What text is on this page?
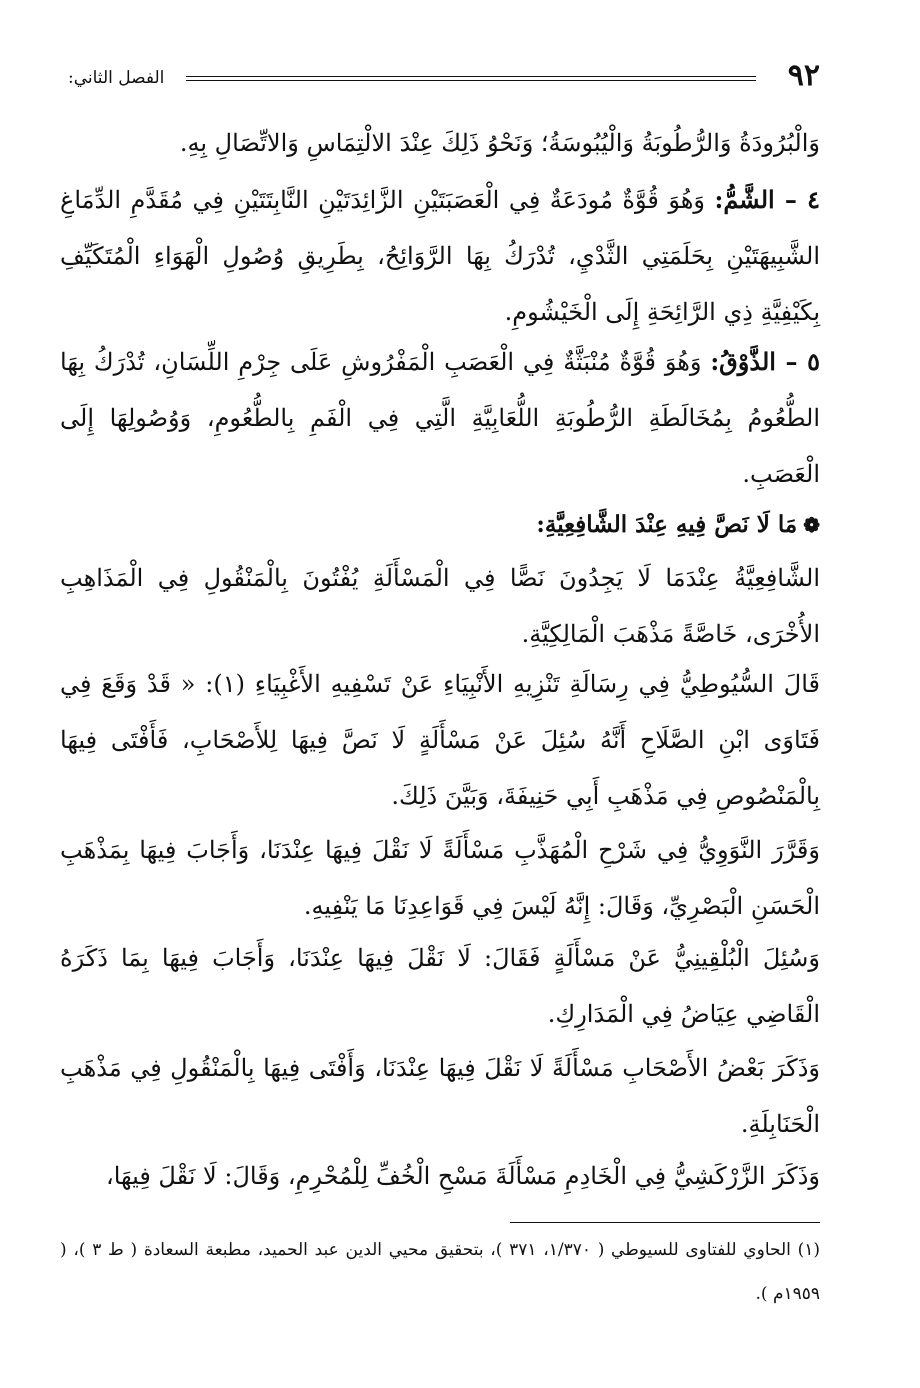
٩٢
الفصل الثاني:

وَالْبُرُودَةُ وَالرُّطُوبَةُ وَالْيُبُوسَةُ؛ وَنَحْوُ ذَلِكَ عِنْدَ الالْتِمَاسِ وَالاتِّصَالِ بِهِ.

٤ – الشَّمُّ: وَهُوَ قُوَّةٌ مُودَعَةٌ فِي الْعَصَبَتَيْنِ الزَّائِدَتَيْنِ النَّابِتَتَيْنِ فِي مُقَدَّمِ الدِّمَاغِ الشَّبِيهَتَيْنِ بِحَلَمَتِي الثَّدْيِ، تُدْرَكُ بِهَا الرَّوَائِحُ، بِطَرِيقِ وُصُولِ الْهَوَاءِ الْمُتَكَيِّفِ بِكَيْفِيَّةِ ذِي الرَّائِحَةِ إِلَى الْخَيْشُومِ.

٥ – الذَّوْقُ: وَهُوَ قُوَّةٌ مُنْبَثَّةٌ فِي الْعَصَبِ الْمَفْرُوشِ عَلَى جِرْمِ اللِّسَانِ، تُدْرَكُ بِهَا الطُّعُومُ بِمُخَالَطَةِ الرُّطُوبَةِ اللُّعَابِيَّةِ الَّتِي فِي الْفَمِ بِالطُّعُومِ، وَوُصُولِهَا إِلَى الْعَصَبِ.

❁مَا لَا نَصَّ فِيهِ عِنْدَ الشَّافِعِيَّةِ:

الشَّافِعِيَّةُ عِنْدَمَا لَا يَجِدُونَ نَصًّا فِي الْمَسْأَلَةِ يُفْتُونَ بِالْمَنْقُولِ فِي الْمَذَاهِبِ الأُخْرَى، خَاصَّةً مَذْهَبَ الْمَالِكِيَّةِ.

قَالَ السُّيُوطِيُّ فِي رِسَالَةِ تَنْزِيهِ الأَنْبِيَاءِ عَنْ تَسْفِيهِ الأَغْبِيَاءِ (١): « قَدْ وَقَعَ فِي فَتَاوَى ابْنِ الصَّلَاحِ أَنَّهُ سُئِلَ عَنْ مَسْأَلَةٍ لَا نَصَّ فِيهَا لِلأَصْحَابِ، فَأَفْتَى فِيهَا بِالْمَنْصُوصِ فِي مَذْهَبِ أَبِي حَنِيفَةَ، وَبَيَّنَ ذَلِكَ.

وَقَرَّرَ النَّوَوِيُّ فِي شَرْحِ الْمُهَذَّبِ مَسْأَلَةً لَا نَقْلَ فِيهَا عِنْدَنَا، وَأَجَابَ فِيهَا بِمَذْهَبِ الْحَسَنِ الْبَصْرِيِّ، وَقَالَ: إِنَّهُ لَيْسَ فِي قَوَاعِدِنَا مَا يَنْفِيهِ.

وَسُئِلَ الْبُلْقِينِيُّ عَنْ مَسْأَلَةٍ فَقَالَ: لَا نَقْلَ فِيهَا عِنْدَنَا، وَأَجَابَ فِيهَا بِمَا ذَكَرَهُ الْقَاضِي عِيَاضُ فِي الْمَدَارِكِ.

وَذَكَرَ بَعْضُ الأَصْحَابِ مَسْأَلَةً لَا نَقْلَ فِيهَا عِنْدَنَا، وَأَفْتَى فِيهَا بِالْمَنْقُولِ فِي مَذْهَبِ الْحَنَابِلَةِ.

وَذَكَرَ الزَّرْكَشِيُّ فِي الْخَادِمِ مَسْأَلَةَ مَسْحِ الْخُفِّ لِلْمُحْرِمِ، وَقَالَ: لَا نَقْلَ فِيهَا،

(١) الحاوي للفتاوى للسيوطي ( ١/٣٧٠، ٣٧١ )، بتحقيق محيي الدين عبد الحميد، مطبعة السعادة ( ط ٣ )، ( ١٩٥٩م ).
